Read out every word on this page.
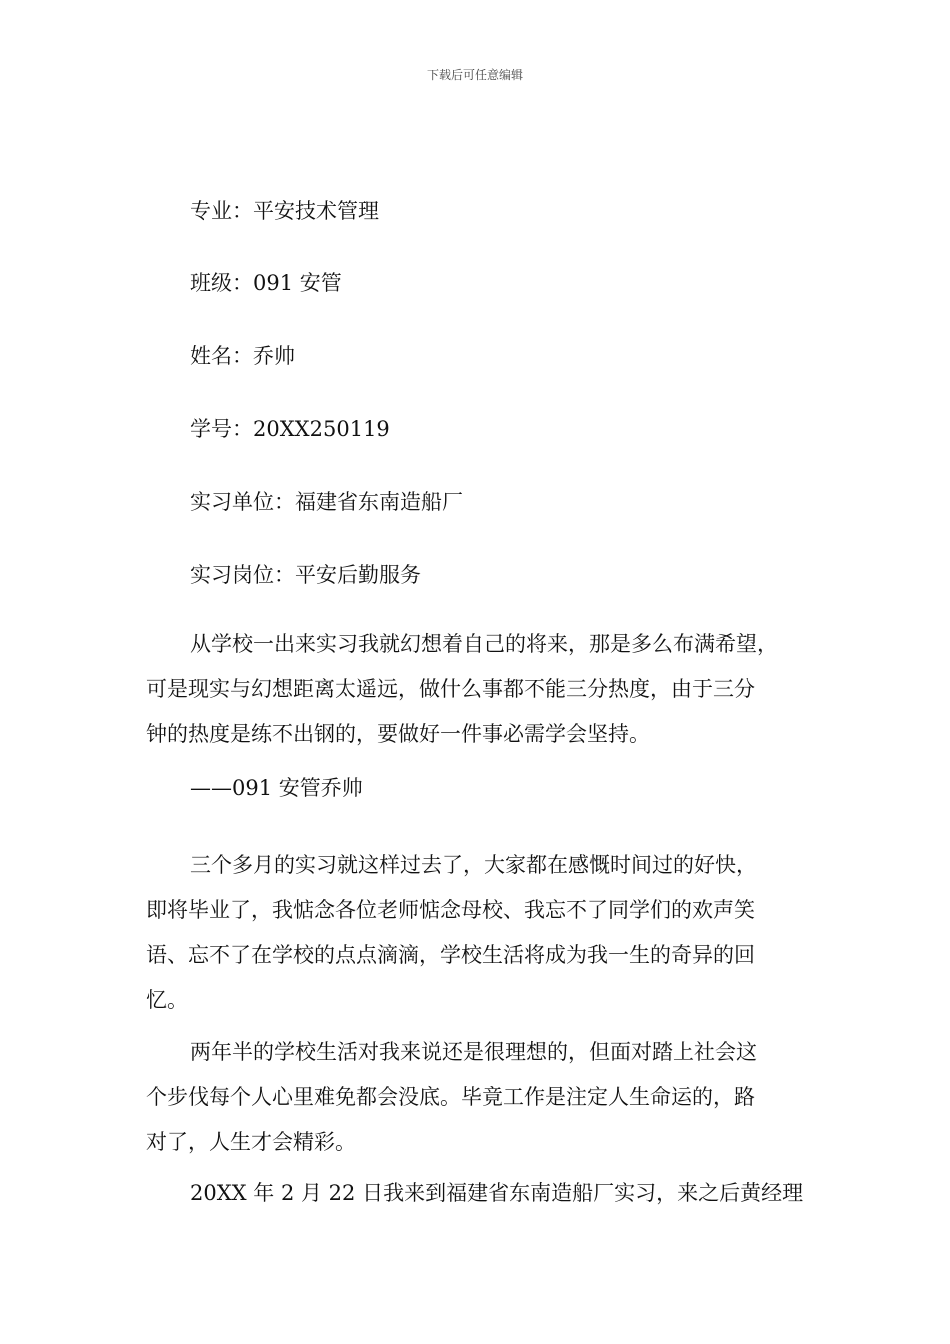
下载后可任意编辑
专业：平安技术管理
班级：091 安管
姓名：乔帅
学号：20XX250119
实习单位：福建省东南造船厂
实习岗位：平安后勤服务
从学校一出来实习我就幻想着自己的将来，那是多么布满希望，
可是现实与幻想距离太遥远，做什么事都不能三分热度，由于三分
钟的热度是练不出钢的，要做好一件事必需学会坚持。
——091 安管乔帅
三个多月的实习就这样过去了，大家都在感慨时间过的好快，
即将毕业了，我惦念各位老师惦念母校、我忘不了同学们的欢声笑
语、忘不了在学校的点点滴滴，学校生活将成为我一生的奇异的回
忆。
两年半的学校生活对我来说还是很理想的，但面对踏上社会这
个步伐每个人心里难免都会没底。毕竟工作是注定人生命运的，路
对了，人生才会精彩。
20XX 年 2 月 22 日我来到福建省东南造船厂实习，来之后黄经理
